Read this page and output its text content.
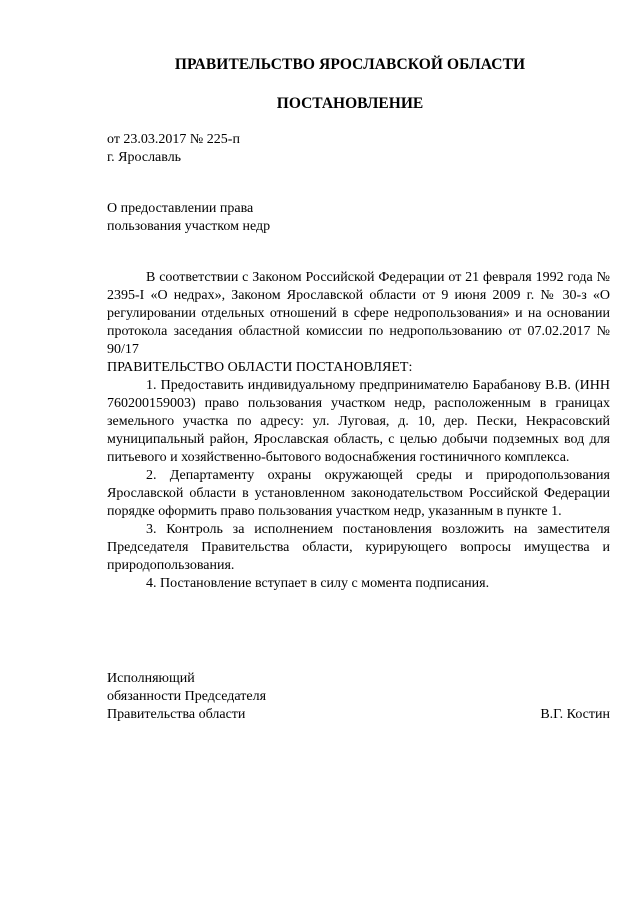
ПРАВИТЕЛЬСТВО ЯРОСЛАВСКОЙ ОБЛАСТИ
ПОСТАНОВЛЕНИЕ
от 23.03.2017 № 225-п
г. Ярославль
О предоставлении права
пользования участком недр

В соответствии с Законом Российской Федерации от 21 февраля 1992 года № 2395-I «О недрах», Законом Ярославской области от 9 июня 2009 г. № 30-з «О регулировании отдельных отношений в сфере недропользования» и на основании протокола заседания областной комиссии по недропользованию от 07.02.2017 № 90/17

ПРАВИТЕЛЬСТВО ОБЛАСТИ ПОСТАНОВЛЯЕТ:

1. Предоставить индивидуальному предпринимателю Барабанову В.В. (ИНН 760200159003) право пользования участком недр, расположенным в границах земельного участка по адресу: ул. Луговая, д. 10, дер. Пески, Некрасовский муниципальный район, Ярославская область, с целью добычи подземных вод для питьевого и хозяйственно-бытового водоснабжения гостиничного комплекса.

2. Департаменту охраны окружающей среды и природопользования Ярославской области в установленном законодательством Российской Федерации порядке оформить право пользования участком недр, указанным в пункте 1.

3. Контроль за исполнением постановления возложить на заместителя Председателя Правительства области, курирующего вопросы имущества и природопользования.

4. Постановление вступает в силу с момента подписания.

Исполняющий
обязанности Председателя
Правительства области	В.Г. Костин
